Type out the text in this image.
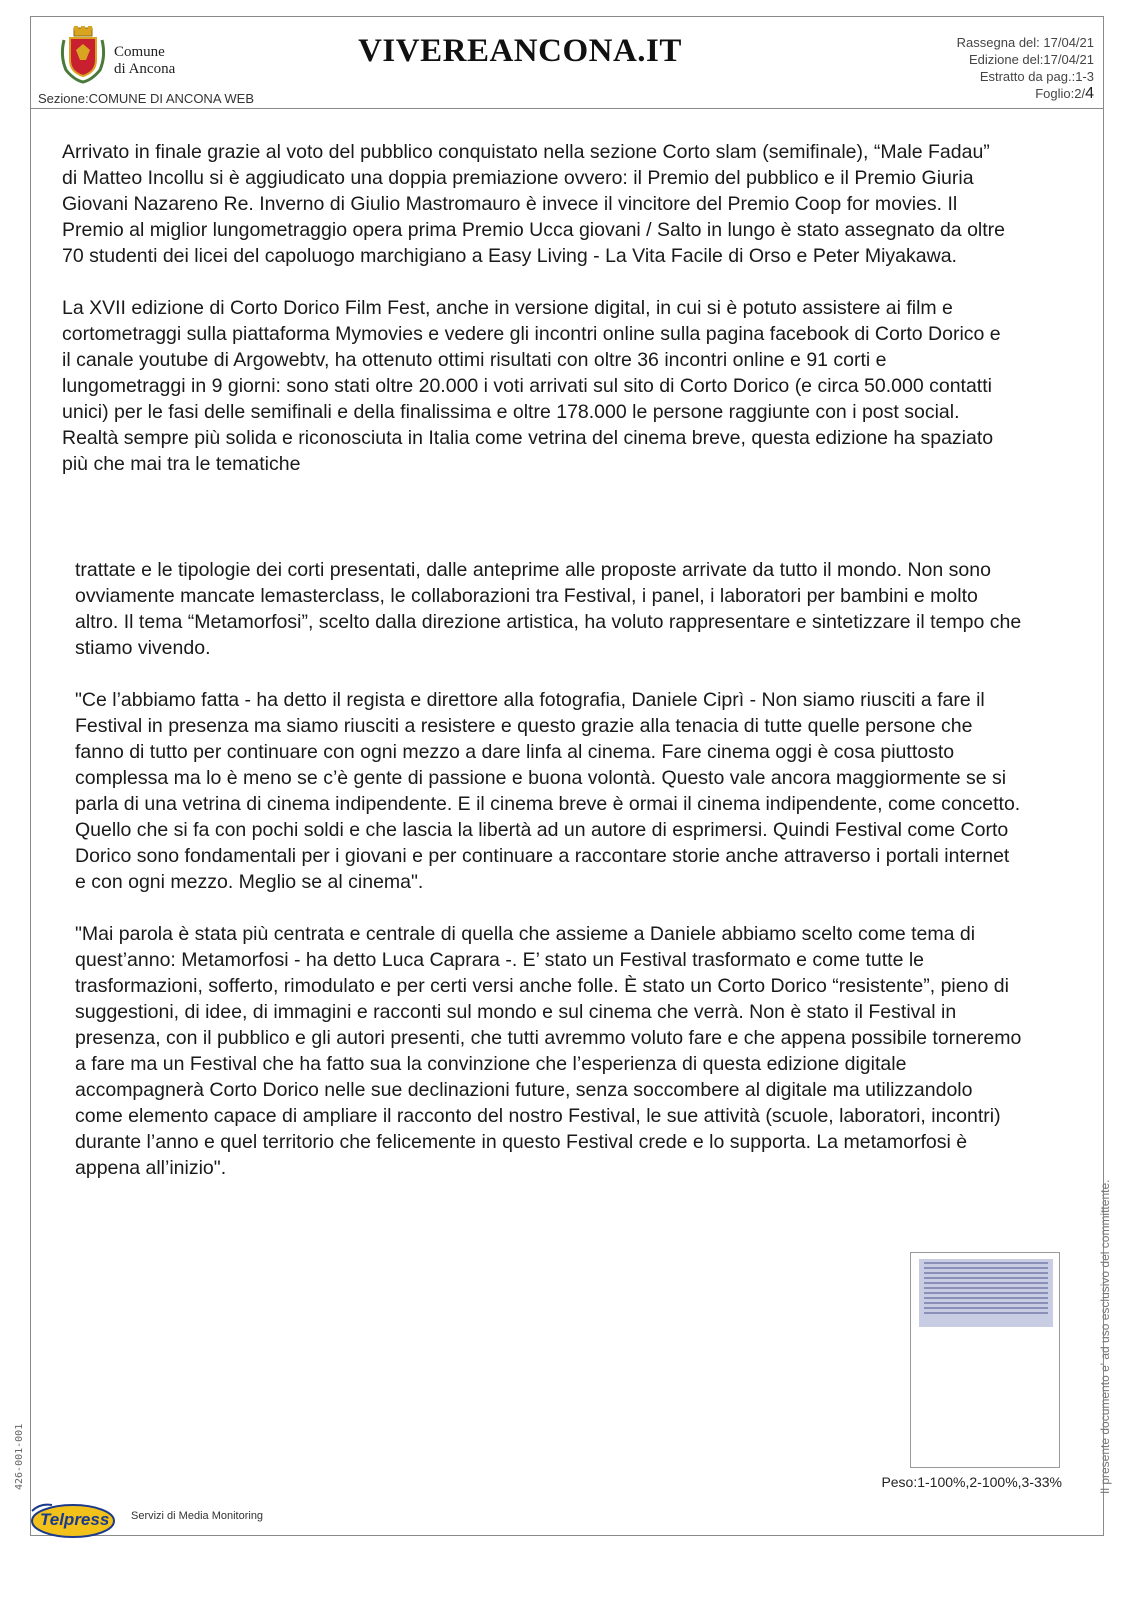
Comune
di Ancona	VIVEREANCONA.IT
Sezione:COMUNE DI ANCONA WEB
Rassegna del: 17/04/21
Edizione del:17/04/21
Estratto da pag.:1-3
Foglio:2/4

Arrivato in finale grazie al voto del pubblico conquistato nella sezione Corto slam (semifinale), “Male Fadau” di Matteo Incollu si è aggiudicato una doppia premiazione ovvero: il Premio del pubblico e il Premio Giuria Giovani Nazareno Re. Inverno di Giulio Mastromauro è invece il vincitore del Premio Coop for movies. Il Premio al miglior lungometraggio opera prima Premio Ucca giovani / Salto in lungo è stato assegnato da oltre 70 studenti dei licei del capoluogo marchigiano a Easy Living - La Vita Facile di Orso e Peter Miyakawa.

La XVII edizione di Corto Dorico Film Fest, anche in versione digital, in cui si è potuto assistere ai film e cortometraggi sulla piattaforma Mymovies e vedere gli incontri online sulla pagina facebook di Corto Dorico e il canale youtube di Argowebtv, ha ottenuto ottimi risultati con oltre 36 incontri online e 91 corti e lungometraggi in 9 giorni: sono stati oltre 20.000 i voti arrivati sul sito di Corto Dorico (e circa 50.000 contatti unici) per le fasi delle semifinali e della finalissima e oltre 178.000 le persone raggiunte con i post social. Realtà sempre più solida e riconosciuta in Italia come vetrina del cinema breve, questa edizione ha spaziato più che mai tra le tematiche

trattate e le tipologie dei corti presentati, dalle anteprime alle proposte arrivate da tutto il mondo. Non sono ovviamente mancate lemasterclass, le collaborazioni tra Festival, i panel, i laboratori per bambini e molto altro. Il tema “Metamorfosi”, scelto dalla direzione artistica, ha voluto rappresentare e sintetizzare il tempo che stiamo vivendo.

"Ce l’abbiamo fatta - ha detto il regista e direttore alla fotografia, Daniele Ciprì - Non siamo riusciti a fare il Festival in presenza ma siamo riusciti a resistere e questo grazie alla tenacia di tutte quelle persone che fanno di tutto per continuare con ogni mezzo a dare linfa al cinema. Fare cinema oggi è cosa piuttosto complessa ma lo è meno se c’è gente di passione e buona volontà. Questo vale ancora maggiormente se si parla di una vetrina di cinema indipendente. E il cinema breve è ormai il cinema indipendente, come concetto. Quello che si fa con pochi soldi e che lascia la libertà ad un autore di esprimersi. Quindi Festival come Corto Dorico sono fondamentali per i giovani e per continuare a raccontare storie anche attraverso i portali internet e con ogni mezzo. Meglio se al cinema".

"Mai parola è stata più centrata e centrale di quella che assieme a Daniele abbiamo scelto come tema di quest’anno: Metamorfosi - ha detto Luca Caprara -. E’ stato un Festival trasformato e come tutte le trasformazioni, sofferto, rimodulato e per certi versi anche folle. È stato un Corto Dorico “resistente”, pieno di suggestioni, di idee, di immagini e racconti sul mondo e sul cinema che verrà. Non è stato il Festival in presenza, con il pubblico e gli autori presenti, che tutti avremmo voluto fare e che appena possibile torneremo a fare ma un Festival che ha fatto sua la convinzione che l’esperienza di questa edizione digitale accompagnerà Corto Dorico nelle sue declinazioni future, senza soccombere al digitale ma utilizzandolo come elemento capace di ampliare il racconto del nostro Festival, le sue attività (scuole, laboratori, incontri) durante l’anno e quel territorio che felicemente in questo Festival crede e lo supporta. La metamorfosi è appena all’inizio".

Peso:1-100%,2-100%,3-33%	Il presente documento e' ad uso esclusivo del committente.
426-001-001
Telpress Servizi di Media Monitoring
